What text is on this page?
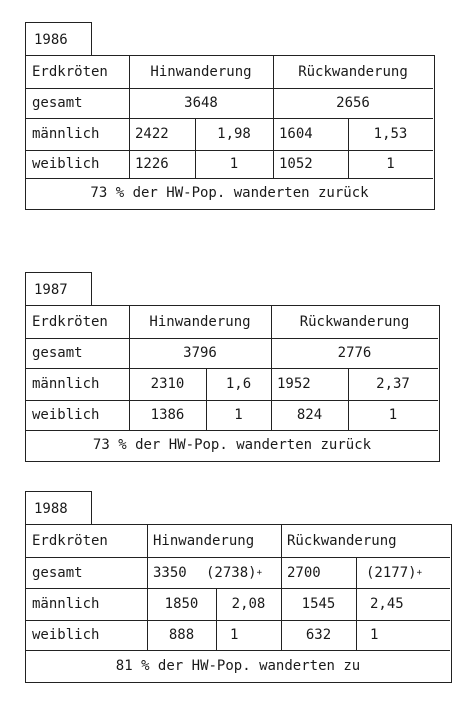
1986
Erdkröten	Hinwanderung	Rückwanderung
gesamt	3648	2656
männlich	2422	1,98	1604	1,53
weiblich	1226	1	1052	1
73 % der HW-Pop. wanderten zurück
1987
Erdkröten	Hinwanderung	Rückwanderung
gesamt	3796	2776
männlich	2310	1,6	1952	2,37
weiblich	1386	1	824	1
73 % der HW-Pop. wanderten zurück
1988
Erdkröten	Hinwanderung	Rückwanderung
gesamt	3350	(2738) +	2700	(2177) +
männlich	1850	2,08	1545	2,45
weiblich	888	1	632	1
81 % der HW-Pop. wanderten zu
